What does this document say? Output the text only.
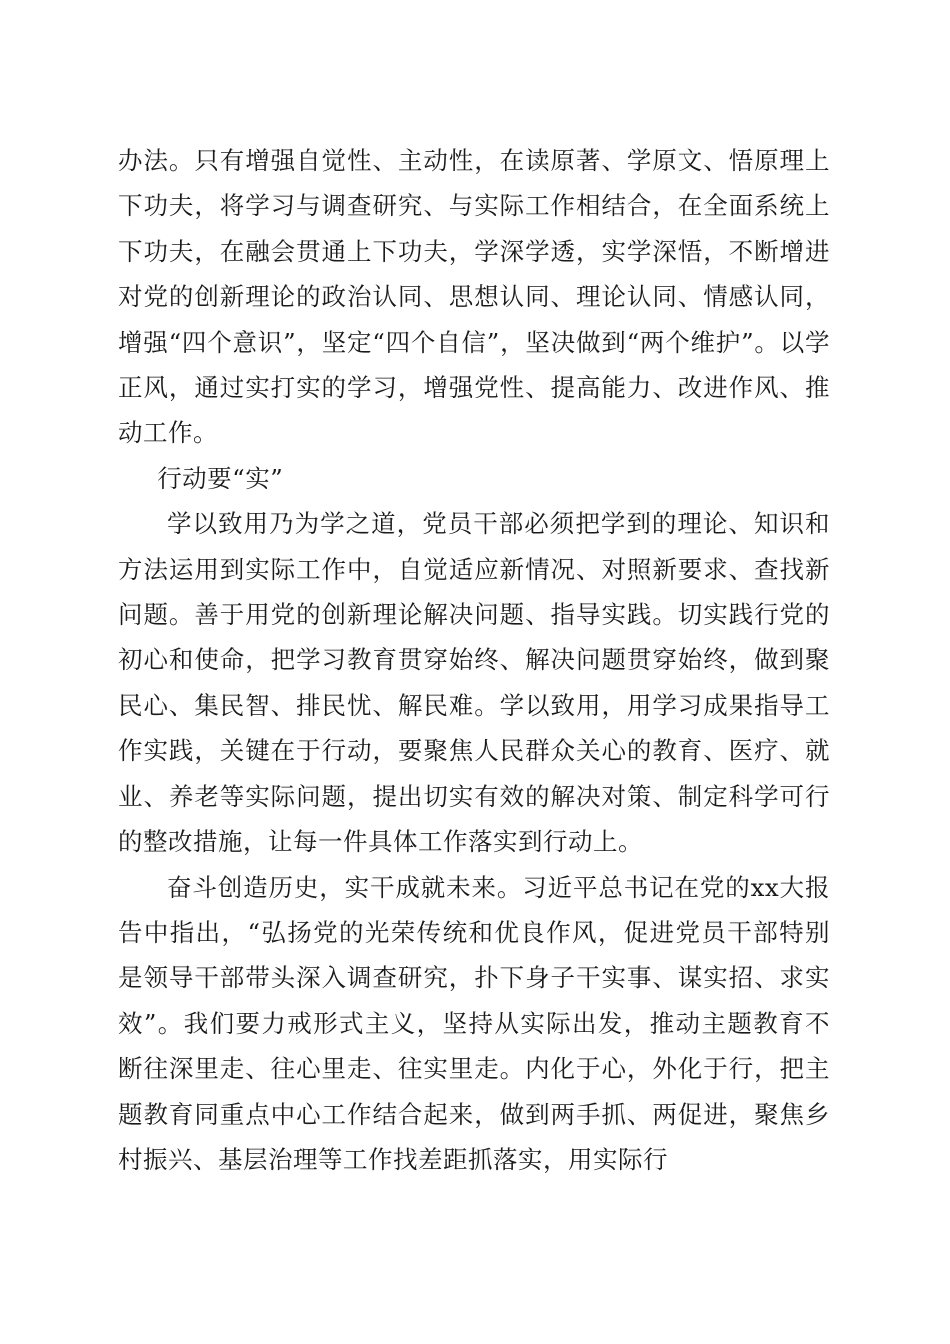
办法。只有增强自觉性、主动性，在读原著、学原文、悟原理上下功夫，将学习与调查研究、与实际工作相结合，在全面系统上下功夫，在融会贯通上下功夫，学深学透，实学深悟，不断增进对党的创新理论的政治认同、思想认同、理论认同、情感认同，增强“四个意识”，坚定“四个自信”，坚决做到“两个维护”。以学正风，通过实打实的学习，增强党性、提高能力、改进作风、推动工作。

行动要“实”

学以致用乃为学之道，党员干部必须把学到的理论、知识和方法运用到实际工作中，自觉适应新情况、对照新要求、查找新问题。善于用党的创新理论解决问题、指导实践。切实践行党的初心和使命，把学习教育贯穿始终、解决问题贯穿始终，做到聚民心、集民智、排民忧、解民难。学以致用，用学习成果指导工作实践，关键在于行动，要聚焦人民群众关心的教育、医疗、就业、养老等实际问题，提出切实有效的解决对策、制定科学可行的整改措施，让每一件具体工作落实到行动上。

奋斗创造历史，实干成就未来。习近平总书记在党的xx大报告中指出，“弘扬党的光荣传统和优良作风，促进党员干部特别是领导干部带头深入调查研究，扑下身子干实事、谋实招、求实效”。我们要力戒形式主义，坚持从实际出发，推动主题教育不断往深里走、往心里走、往实里走。内化于心，外化于行，把主题教育同重点中心工作结合起来，做到两手抓、两促进，聚焦乡村振兴、基层治理等工作找差距抓落实，用实际行
